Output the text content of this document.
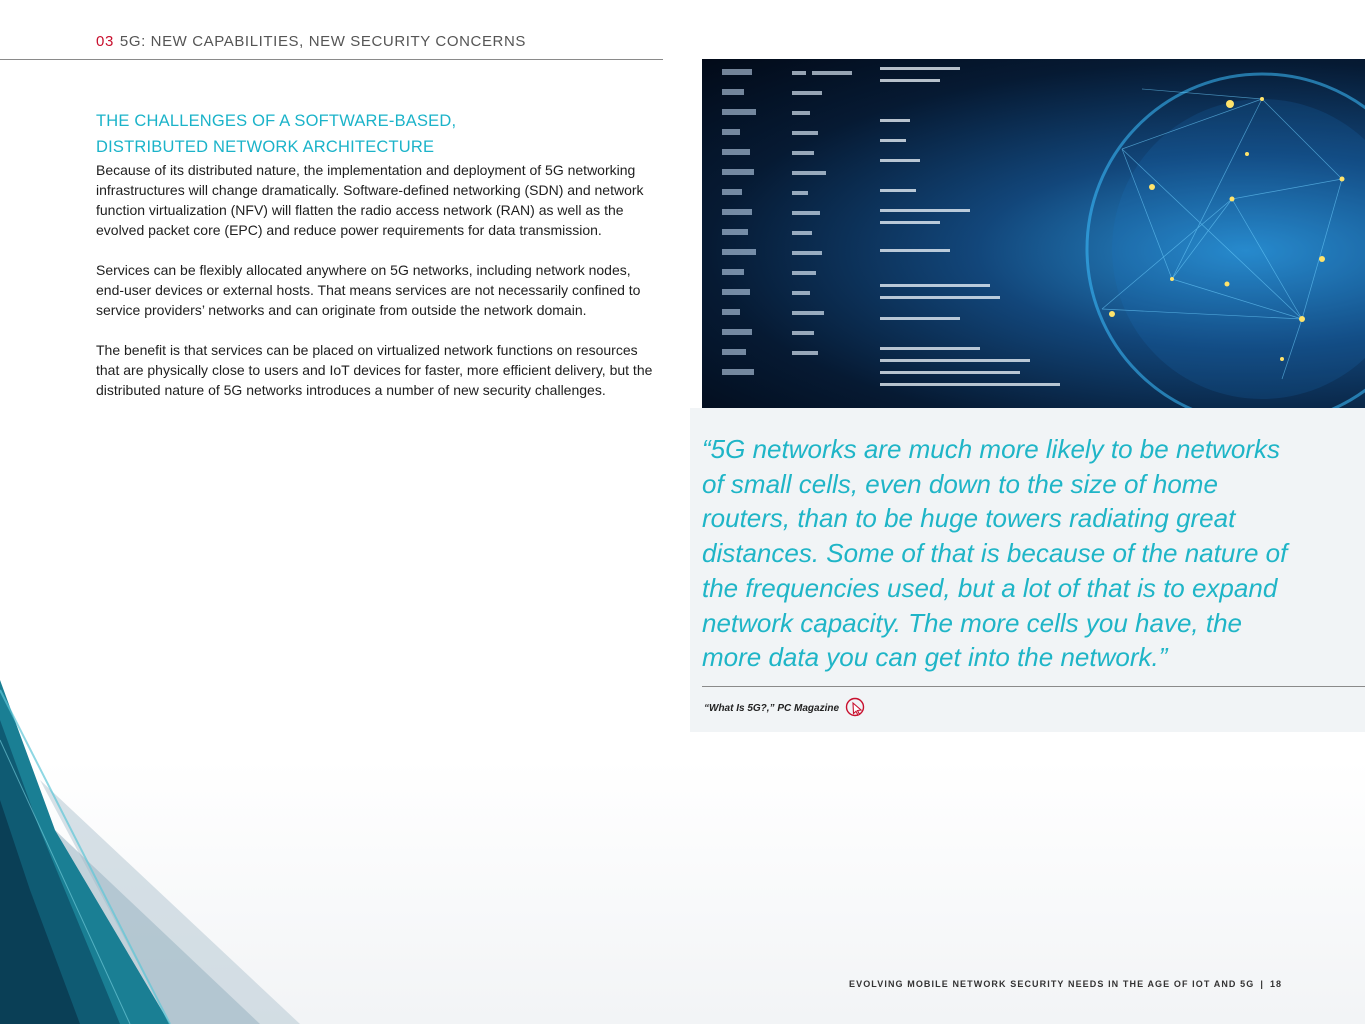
03 5G: NEW CAPABILITIES, NEW SECURITY CONCERNS
THE CHALLENGES OF A SOFTWARE-BASED,
DISTRIBUTED NETWORK ARCHITECTURE

Because of its distributed nature, the implementation and deployment of 5G networking infrastructures will change dramatically. Software-defined networking (SDN) and network function virtualization (NFV) will flatten the radio access network (RAN) as well as the evolved packet core (EPC) and reduce power requirements for data transmission.

Services can be flexibly allocated anywhere on 5G networks, including network nodes, end-user devices or external hosts. That means services are not necessarily confined to service providers’ networks and can originate from outside the network domain.

The benefit is that services can be placed on virtualized network functions on resources that are physically close to users and IoT devices for faster, more efficient delivery, but the distributed nature of 5G networks introduces a number of new security challenges.

“5G networks are much more likely to be networks of small cells, even down to the size of home routers, than to be huge towers radiating great distances. Some of that is because of the nature of the frequencies used, but a lot of that is to expand network capacity. The more cells you have, the more data you can get into the network.”

“What Is 5G?,” PC Magazine
EVOLVING MOBILE NETWORK SECURITY NEEDS IN THE AGE OF IOT AND 5G | 18
